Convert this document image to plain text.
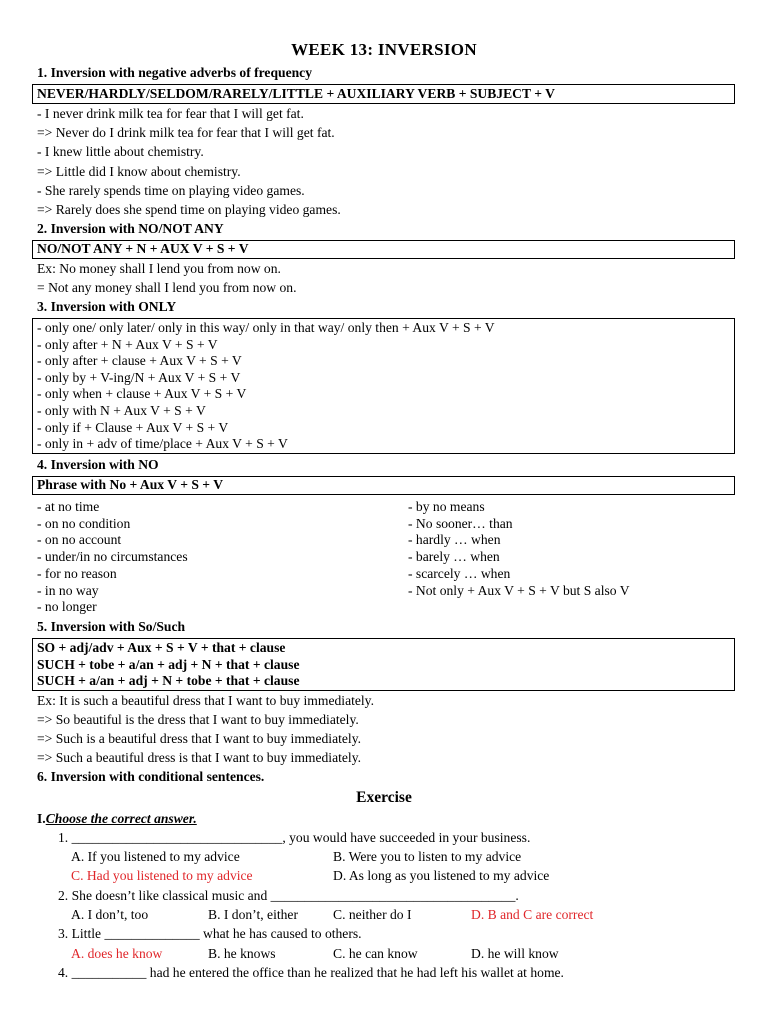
WEEK 13: INVERSION
1. Inversion with negative adverbs of frequency
NEVER/HARDLY/SELDOM/RARELY/LITTLE + AUXILIARY VERB + SUBJECT + V
- I never drink milk tea for fear that I will get fat.
=> Never do I drink milk tea for fear that I will get fat.
- I knew little about chemistry.
=> Little did I know about chemistry.
- She rarely spends time on playing video games.
=> Rarely does she spend time on playing video games.
2. Inversion with NO/NOT ANY
NO/NOT ANY + N + AUX V + S + V
Ex: No money shall I lend you from now on.
= Not any money shall I lend you from now on.
3. Inversion with ONLY
- only one/ only later/ only in this way/ only in that way/ only then + Aux V + S + V
- only after + N + Aux V + S + V
- only after + clause + Aux V + S + V
- only by + V-ing/N + Aux V + S + V
- only when + clause + Aux V + S + V
- only with N + Aux V + S + V
- only if + Clause + Aux V + S + V
- only in + adv of time/place + Aux V + S + V
4. Inversion with NO
Phrase with No + Aux V + S + V
- at no time
- on no condition
- on no account
- under/in no circumstances
- for no reason
- in no way
- no longer
- by no means
- No sooner… than
- hardly … when
- barely … when
- scarcely … when
- Not only + Aux V + S + V but S also V
5. Inversion with So/Such
SO + adj/adv + Aux + S + V + that + clause
SUCH + tobe + a/an + adj + N + that + clause
SUCH + a/an + adj + N + tobe + that + clause
Ex: It is such a beautiful dress that I want to buy immediately.
=> So beautiful is the dress that I want to buy immediately.
=> Such is a beautiful dress that I want to buy immediately.
=> Such a beautiful dress is that I want to buy immediately.
6. Inversion with conditional sentences.
Exercise
I.Choose the correct answer.
1. _______________________________, you would have succeeded in your business.
A. If you listened to my advice	B. Were you to listen to my advice
C. Had you listened to my advice	D. As long as you listened to my advice
2. She doesn’t like classical music and ____________________________________.
A. I don’t, too	B. I don’t, either	C. neither do I	D. B and C are correct
3. Little ______________ what he has caused to others.
A. does he know	B. he knows	C. he can know	D. he will know
4. ___________ had he entered the office than he realized that he had left his wallet at home.
